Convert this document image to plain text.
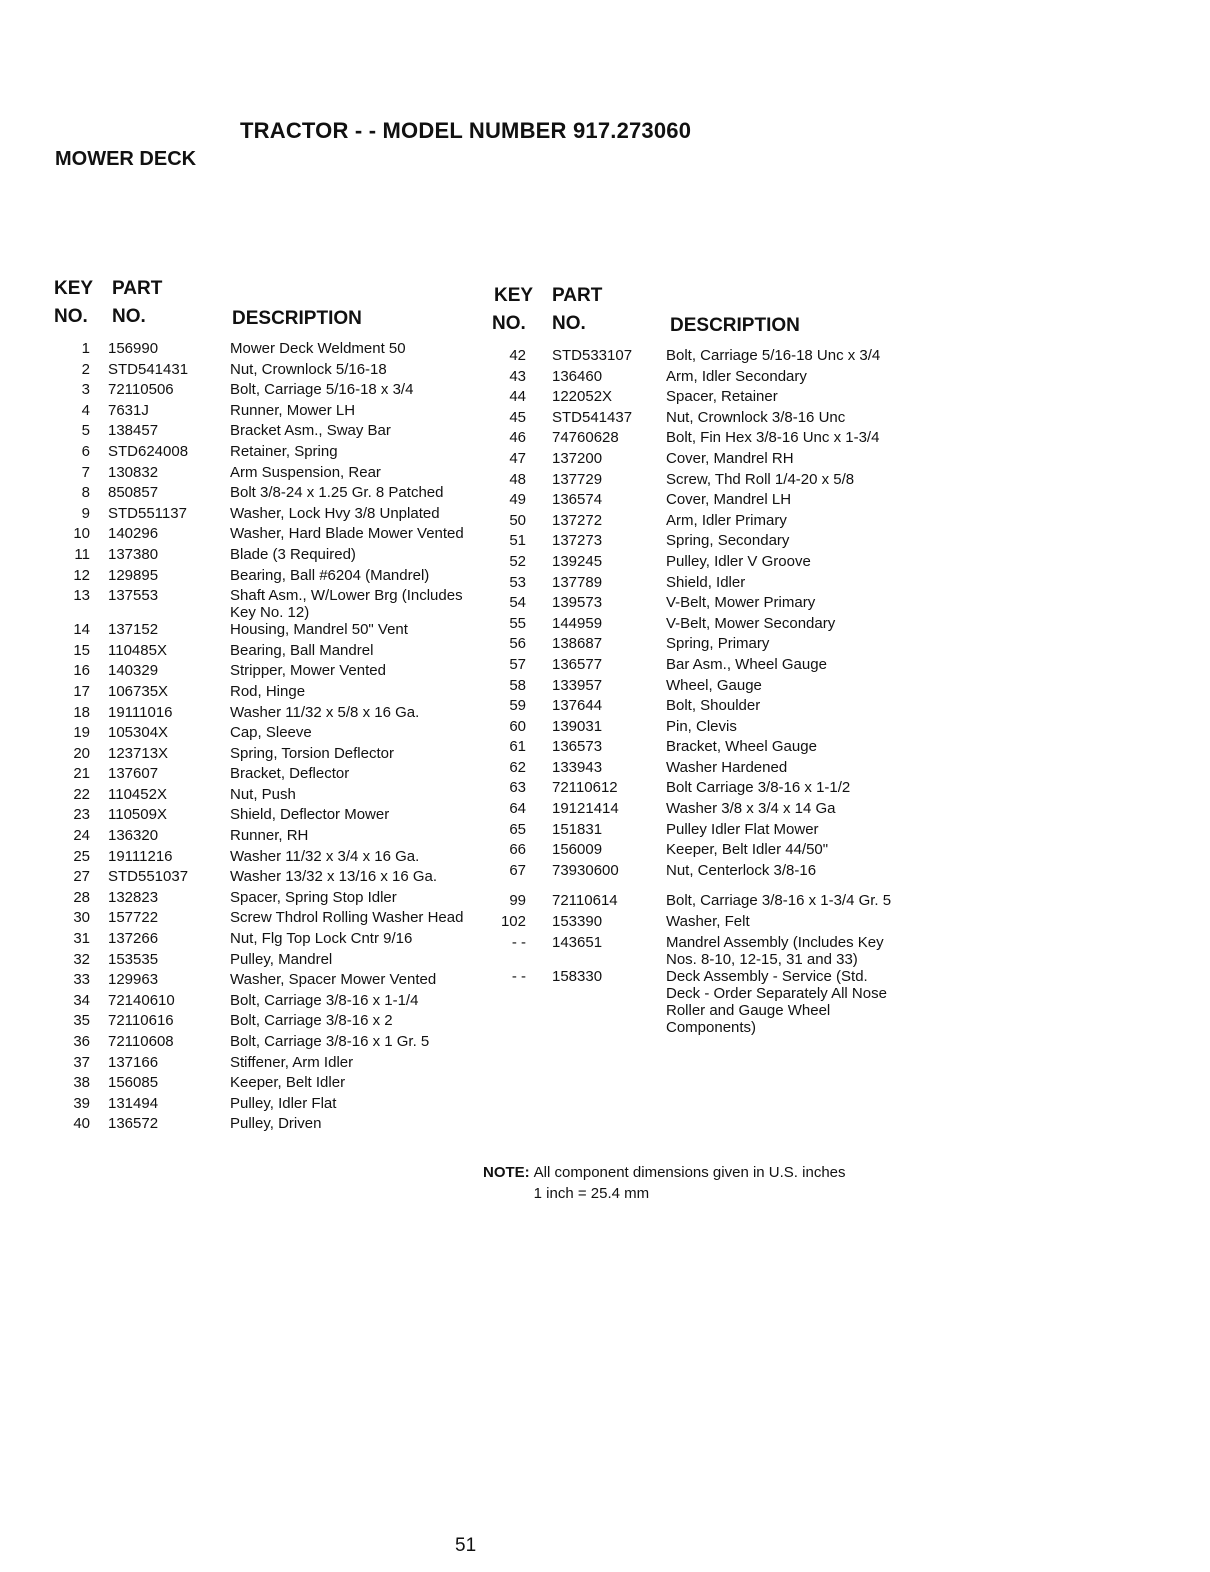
TRACTOR - - MODEL NUMBER 917.273060
MOWER DECK
KEY
NO.
PART
NO.	DESCRIPTION
1 156990	Mower Deck Weldment 50
2 STD541431	Nut, Crownlock 5/16-18
3 72110506	Bolt, Carriage 5/16-18 x 3/4
4 7631J	Runner, Mower LH
5 138457	Bracket Asm., Sway Bar
6 STD624008	Retainer, Spring
7 130832	Arm Suspension, Rear
8 850857	Bolt 3/8-24 x 1.25 Gr. 8 Patched
9 STD551137	Washer, Lock Hvy 3/8 Unplated
10 140296	Washer, Hard Blade Mower Vented
11 137380	Blade (3 Required)
12 129895	Bearing, Ball #6204 (Mandrel)
13 137553	Shaft Asm., W/Lower Brg (Includes Key No. 12)
14 137152	Housing, Mandrel 50" Vent
15 110485X	Bearing, Ball Mandrel
16 140329	Stripper, Mower Vented
17 106735X	Rod, Hinge
18 19111016	Washer 11/32 x 5/8 x 16 Ga.
19 105304X	Cap, Sleeve
20 123713X	Spring, Torsion Deflector
21 137607	Bracket, Deflector
22 110452X	Nut, Push
23 110509X	Shield, Deflector Mower
24 136320	Runner, RH
25 19111216	Washer 11/32 x 3/4 x 16 Ga.
27 STD551037	Washer 13/32 x 13/16 x 16 Ga.
28 132823	Spacer, Spring Stop Idler
30 157722	Screw Thdrol Rolling Washer Head
31 137266	Nut, Flg Top Lock Cntr 9/16
32 153535	Pulley, Mandrel
33 129963	Washer, Spacer Mower Vented
34 72140610	Bolt, Carriage 3/8-16 x 1-1/4
35 72110616	Bolt, Carriage 3/8-16 x 2
36 72110608	Bolt, Carriage 3/8-16 x 1 Gr. 5
37 137166	Stiffener, Arm Idler
38 156085	Keeper, Belt Idler
39 131494	Pulley, Idler Flat
40 136572	Pulley, Driven
KEY
NO.
PART
NO.	DESCRIPTION
42 STD533107 Bolt, Carriage 5/16-18 Unc x 3/4
43 136460	Arm, Idler Secondary
44 122052X	Spacer, Retainer
45 STD541437 Nut, Crownlock 3/8-16 Unc
46 74760628	Bolt, Fin Hex 3/8-16 Unc x 1-3/4
47 137200	Cover, Mandrel RH
48 137729	Screw, Thd Roll 1/4-20 x 5/8
49 136574	Cover, Mandrel LH
50 137272	Arm, Idler Primary
51 137273	Spring, Secondary
52 139245	Pulley, Idler V Groove
53 137789	Shield, Idler
54 139573	V-Belt, Mower Primary
55 144959	V-Belt, Mower Secondary
56 138687	Spring, Primary
57 136577	Bar Asm., Wheel Gauge
58 133957	Wheel, Gauge
59 137644	Bolt, Shoulder
60 139031	Pin, Clevis
61 136573	Bracket, Wheel Gauge
62 133943	Washer Hardened
63 72110612	Bolt Carriage 3/8-16 x 1-1/2
64 19121414	Washer 3/8 x 3/4 x 14 Ga
65 151831	Pulley Idler Flat Mower
66 156009	Keeper, Belt Idler 44/50"
67 73930600	Nut, Centerlock 3/8-16
99 72110614	Bolt, Carriage 3/8-16 x 1-3/4 Gr. 5
102 153390	Washer, Felt
- - 143651	Mandrel Assembly (Includes Key Nos. 8-10, 12-15, 31 and 33)
- - 158330	Deck Assembly - Service (Std. Deck - Order Separately All Nose Roller and Gauge Wheel Components)
NOTE: All component dimensions given in U.S. inches 1 inch = 25.4 mm
51
